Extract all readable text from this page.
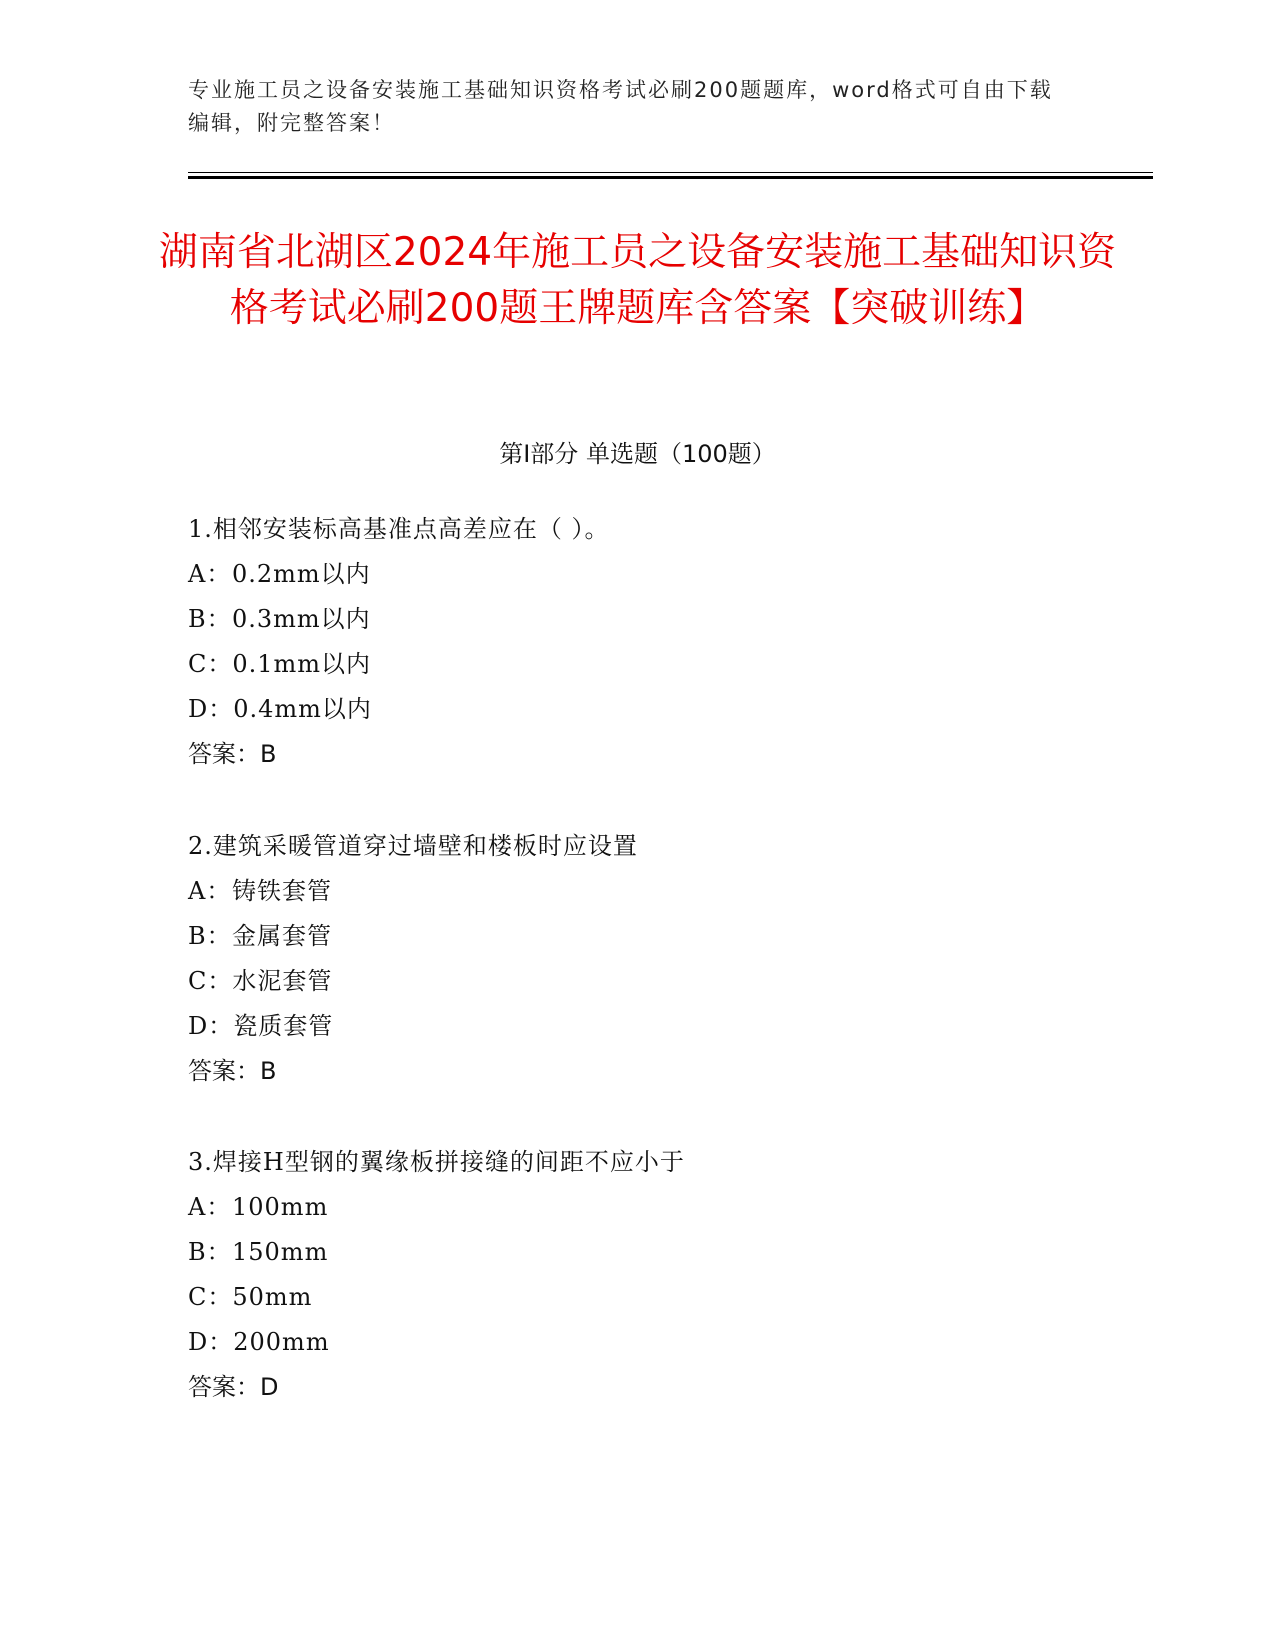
专业施工员之设备安装施工基础知识资格考试必刷200题题库，word格式可自由下载编辑，附完整答案！
湖南省北湖区2024年施工员之设备安装施工基础知识资格考试必刷200题王牌题库含答案【突破训练】
第I部分 单选题（100题）
1.相邻安装标高基准点高差应在（ ）。
A：0.2mm以内
B：0.3mm以内
C：0.1mm以内
D：0.4mm以内
答案：B
2.建筑采暖管道穿过墙壁和楼板时应设置
A：铸铁套管
B：金属套管
C：水泥套管
D：瓷质套管
答案：B
3.焊接H型钢的翼缘板拼接缝的间距不应小于
A：100mm
B：150mm
C：50mm
D：200mm
答案：D
